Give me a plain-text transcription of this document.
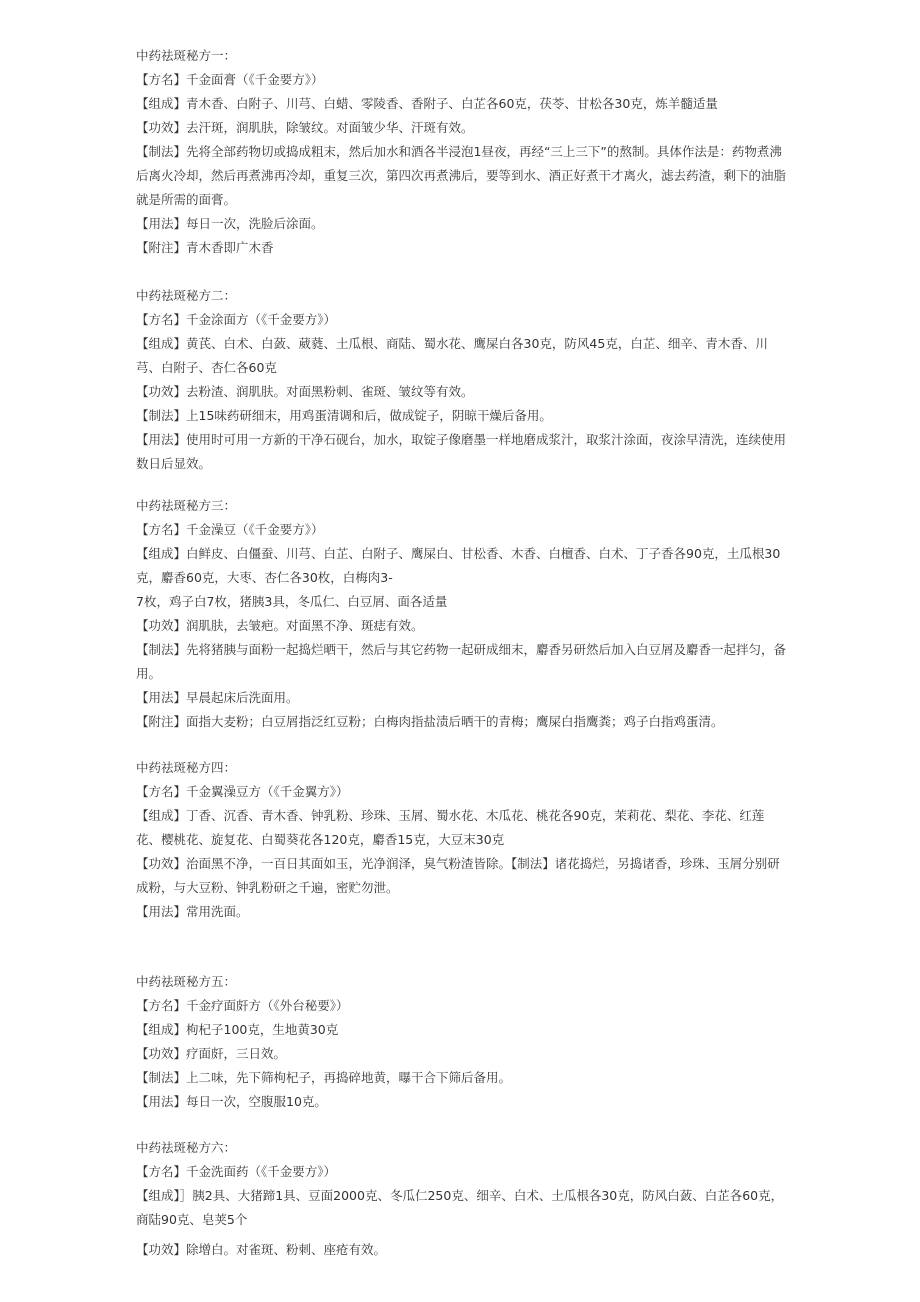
中药祛斑秘方一：
【方名】千金面膏（《千金要方》）
【组成】青木香、白附子、川芎、白蜡、零陵香、香附子、白芷各60克，茯苓、甘松各30克，炼羊髓适量
【功效】去汗斑，润肌肤，除皱纹。对面皱少华、汗斑有效。
【制法】先将全部药物切或捣成粗末，然后加水和酒各半浸泡1昼夜，再经“三上三下”的熬制。具体作法是：药物煮沸后离火冷却，然后再煮沸再冷却，重复三次，第四次再煮沸后，要等到水、酒正好煮干才离火，滤去药渣，剩下的油脂就是所需的面膏。
【用法】每日一次，洗脸后涂面。
【附注】青木香即广木香
中药祛斑秘方二：
【方名】千金涂面方（《千金要方》）
【组成】黄芪、白术、白蔹、葳蕤、土瓜根、商陆、蜀水花、鹰屎白各30克，防风45克，白芷、细辛、青木香、川芎、白附子、杏仁各60克
【功效】去粉渣、润肌肤。对面黑粉刺、雀斑、皱纹等有效。
【制法】上15味药研细末，用鸡蛋清调和后，做成锭子，阴晾干燥后备用。
【用法】使用时可用一方新的干净石砚台，加水，取锭子像磨墨一样地磨成浆汁，取浆汁涂面，夜涂早清洗，连续使用数日后显效。
中药祛斑秘方三：
【方名】千金澡豆（《千金要方》）
【组成】白鲜皮、白僵蚕、川芎、白芷、白附子、鹰屎白、甘松香、木香、白檀香、白术、丁子香各90克，土瓜根30克，麝香60克，大枣、杏仁各30枚，白梅肉3-
7枚，鸡子白7枚，猪胰3具，冬瓜仁、白豆屑、面各适量
【功效】润肌肤，去皱疤。对面黑不净、斑痣有效。
【制法】先将猪胰与面粉一起捣烂晒干，然后与其它药物一起研成细末，麝香另研然后加入白豆屑及麝香一起拌匀，备用。
【用法】早晨起床后洗面用。
【附注】面指大麦粉；白豆屑指泛红豆粉；白梅肉指盐渍后晒干的青梅；鹰屎白指鹰粪；鸡子白指鸡蛋清。
中药祛斑秘方四：
【方名】千金翼澡豆方（《千金翼方》）
【组成】丁香、沉香、青木香、钟乳粉、珍珠、玉屑、蜀水花、木瓜花、桃花各90克，茉莉花、梨花、李花、红莲花、樱桃花、旋复花、白蜀葵花各120克，麝香15克，大豆末30克
【功效】治面黑不净，一百日其面如玉，光净润泽，臭气粉渣皆除。【制法】诸花捣烂，另捣诸香，珍珠、玉屑分别研成粉，与大豆粉、钟乳粉研之千遍，密贮勿泄。
【用法】常用洗面。
中药祛斑秘方五：
【方名】千金疗面皯方（《外台秘要》）
【组成】枸杞子100克，生地黄30克
【功效】疗面皯，三日效。
【制法】上二味，先下筛枸杞子，再捣碎地黄，曝干合下筛后备用。
【用法】每日一次，空腹服10克。
中药祛斑秘方六：
【方名】千金洗面药（《千金要方》）
【组成】］胰2具、大猪蹄1具、豆面2000克、冬瓜仁250克、细辛、白术、土瓜根各30克，防风白蔹、白芷各60克，商陆90克、皂荚5个
【功效】除增白。对雀斑、粉刺、座疮有效。
